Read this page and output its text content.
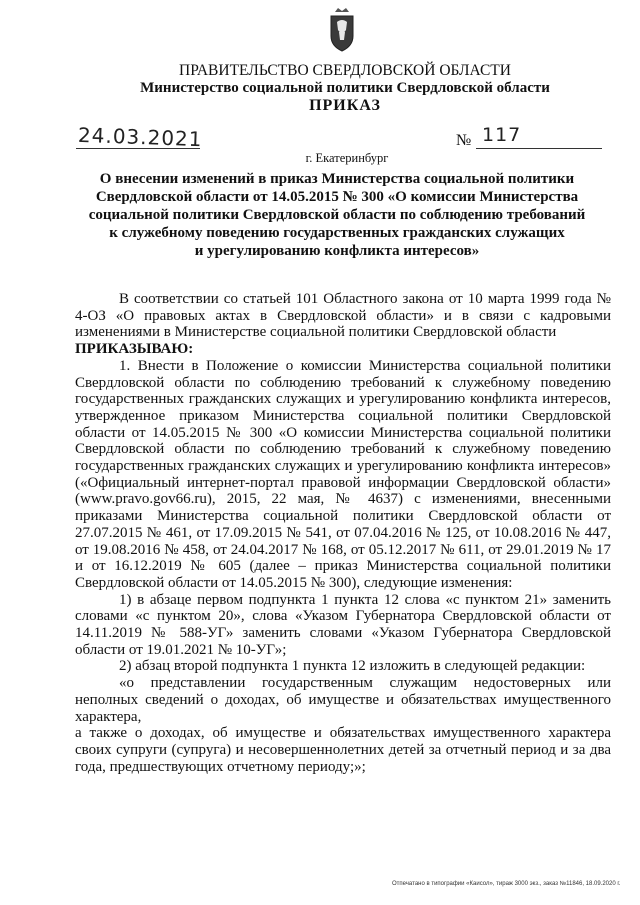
ПРАВИТЕЛЬСТВО СВЕРДЛОВСКОЙ ОБЛАСТИ
Министерство социальной политики Свердловской области
ПРИКАЗ
24.03.2021	№ 117
г. Екатеринбург
О внесении изменений в приказ Министерства социальной политики
Свердловской области от 14.05.2015 № 300 «О комиссии Министерства
социальной политики Свердловской области по соблюдению требований
к служебному поведению государственных гражданских служащих
и урегулированию конфликта интересов»

В соответствии со статьей 101 Областного закона от 10 марта 1999 года № 4-ОЗ «О правовых актах в Свердловской области» и в связи с кадровыми изменениями в Министерстве социальной политики Свердловской области

ПРИКАЗЫВАЮ:

1. Внести в Положение о комиссии Министерства социальной политики Свердловской области по соблюдению требований к служебному поведению государственных гражданских служащих и урегулированию конфликта интересов, утвержденное приказом Министерства социальной политики Свердловской области от 14.05.2015 № 300 «О комиссии Министерства социальной политики Свердловской области по соблюдению требований к служебному поведению государственных гражданских служащих и урегулированию конфликта интересов» («Официальный интернет-портал правовой информации Свердловской области» (www.pravo.gov66.ru), 2015, 22 мая, № 4637) с изменениями, внесенными приказами Министерства социальной политики Свердловской области от 27.07.2015 № 461, от 17.09.2015 № 541, от 07.04.2016 № 125, от 10.08.2016 № 447, от 19.08.2016 № 458, от 24.04.2017 № 168, от 05.12.2017 № 611, от 29.01.2019 № 17 и от 16.12.2019 № 605 (далее – приказ Министерства социальной политики Свердловской области от 14.05.2015 № 300), следующие изменения:

1) в абзаце первом подпункта 1 пункта 12 слова «с пунктом 21» заменить словами «с пунктом 20», слова «Указом Губернатора Свердловской области от 14.11.2019 № 588-УГ» заменить словами «Указом Губернатора Свердловской области от 19.01.2021 № 10-УГ»;

2) абзац второй подпункта 1 пункта 12 изложить в следующей редакции:

«о представлении государственным служащим недостоверных или неполных сведений о доходах, об имуществе и обязательствах имущественного характера,

а также о доходах, об имуществе и обязательствах имущественного характера своих супруги (супруга) и несовершеннолетних детей за отчетный период и за два года, предшествующих отчетному периоду;»;

Отпечатано в типографии «Каисол», тираж 3000 экз., заказ №11846, 18.09.2020 г.
